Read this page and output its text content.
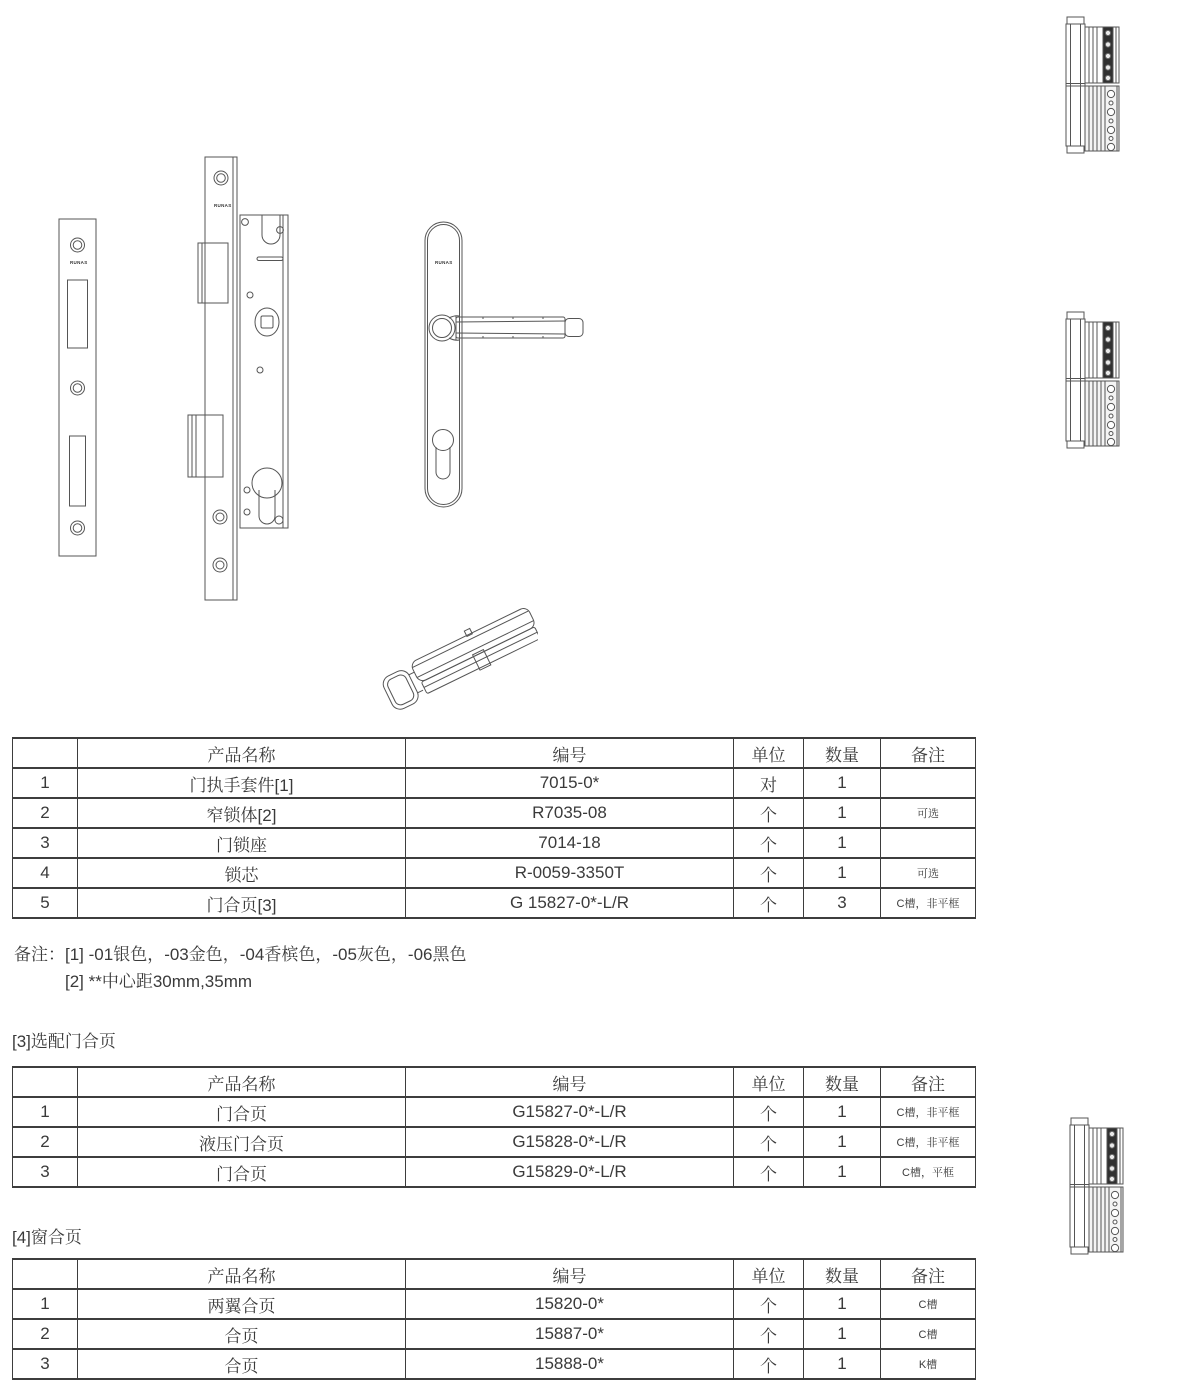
RUNAS
RUNAS
RUNAS
	产品名称	编号	单位	数量	备注
1	门执手套件[1]	7015-0*	对	1	
2	窄锁体[2]	R7035-08	个	1	可选
3	门锁座	7014-18	个	1	
4	锁芯	R-0059-3350T	个	1	可选
5	门合页[3]	G 15827-0*-L/R	个	3	C槽，非平框
备注： [1] -01银色，-03金色，-04香槟色，-05灰色，-06黑色
[2] **中心距30mm,35mm
[3]选配门合页
	产品名称	编号	单位	数量	备注
1	门合页	G15827-0*-L/R	个	1	C槽，非平框
2	液压门合页	G15828-0*-L/R	个	1	C槽，非平框
3	门合页	G15829-0*-L/R	个	1	C槽，平框
[4]窗合页
	产品名称	编号	单位	数量	备注
1	两翼合页	15820-0*	个	1	C槽
2	合页	15887-0*	个	1	C槽
3	合页	15888-0*	个	1	K槽
